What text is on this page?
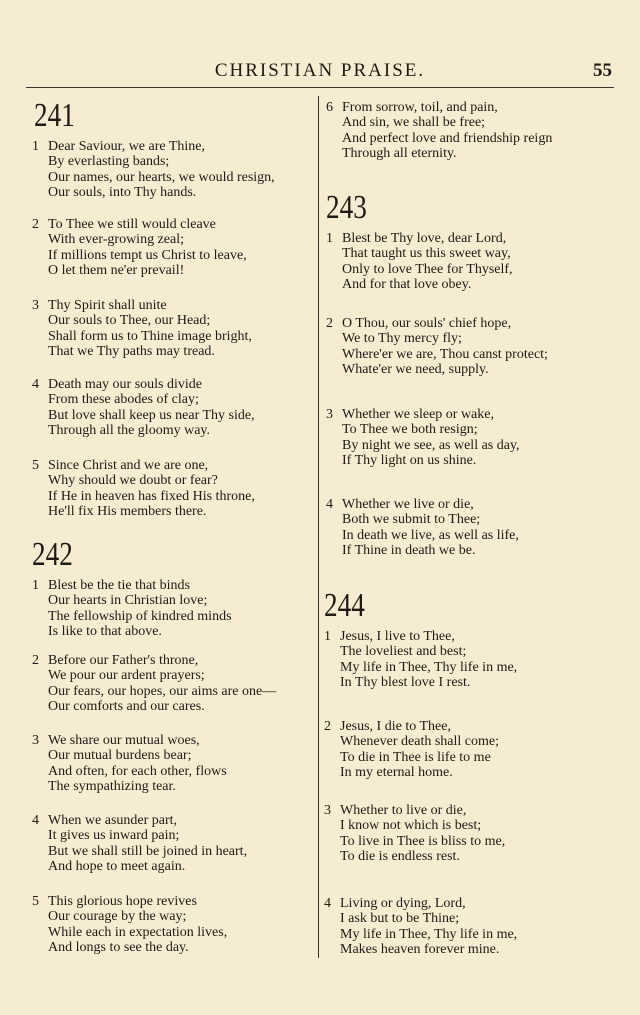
CHRISTIAN PRAISE.	55
241
1 Dear Saviour, we are Thine,
By everlasting bands;
Our names, our hearts, we would resign,
Our souls, into Thy hands.
2 To Thee we still would cleave
With ever-growing zeal;
If millions tempt us Christ to leave,
O let them ne'er prevail!
3 Thy Spirit shall unite
Our souls to Thee, our Head;
Shall form us to Thine image bright,
That we Thy paths may tread.
4 Death may our souls divide
From these abodes of clay;
But love shall keep us near Thy side,
Through all the gloomy way.
5 Since Christ and we are one,
Why should we doubt or fear?
If He in heaven has fixed His throne,
He'll fix His members there.
242
1 Blest be the tie that binds
Our hearts in Christian love;
The fellowship of kindred minds
Is like to that above.
2 Before our Father's throne,
We pour our ardent prayers;
Our fears, our hopes, our aims are one—
Our comforts and our cares.
3 We share our mutual woes,
Our mutual burdens bear;
And often, for each other, flows
The sympathizing tear.
4 When we asunder part,
It gives us inward pain;
But we shall still be joined in heart,
And hope to meet again.
5 This glorious hope revives
Our courage by the way;
While each in expectation lives,
And longs to see the day.
6 From sorrow, toil, and pain,
And sin, we shall be free;
And perfect love and friendship reign
Through all eternity.
243
1 Blest be Thy love, dear Lord,
That taught us this sweet way,
Only to love Thee for Thyself,
And for that love obey.
2 O Thou, our souls' chief hope,
We to Thy mercy fly;
Where'er we are, Thou canst protect;
Whate'er we need, supply.
3 Whether we sleep or wake,
To Thee we both resign;
By night we see, as well as day,
If Thy light on us shine.
4 Whether we live or die,
Both we submit to Thee;
In death we live, as well as life,
If Thine in death we be.
244
1 Jesus, I live to Thee,
The loveliest and best;
My life in Thee, Thy life in me,
In Thy blest love I rest.
2 Jesus, I die to Thee,
Whenever death shall come;
To die in Thee is life to me
In my eternal home.
3 Whether to live or die,
I know not which is best;
To live in Thee is bliss to me,
To die is endless rest.
4 Living or dying, Lord,
I ask but to be Thine;
My life in Thee, Thy life in me,
Makes heaven forever mine.
